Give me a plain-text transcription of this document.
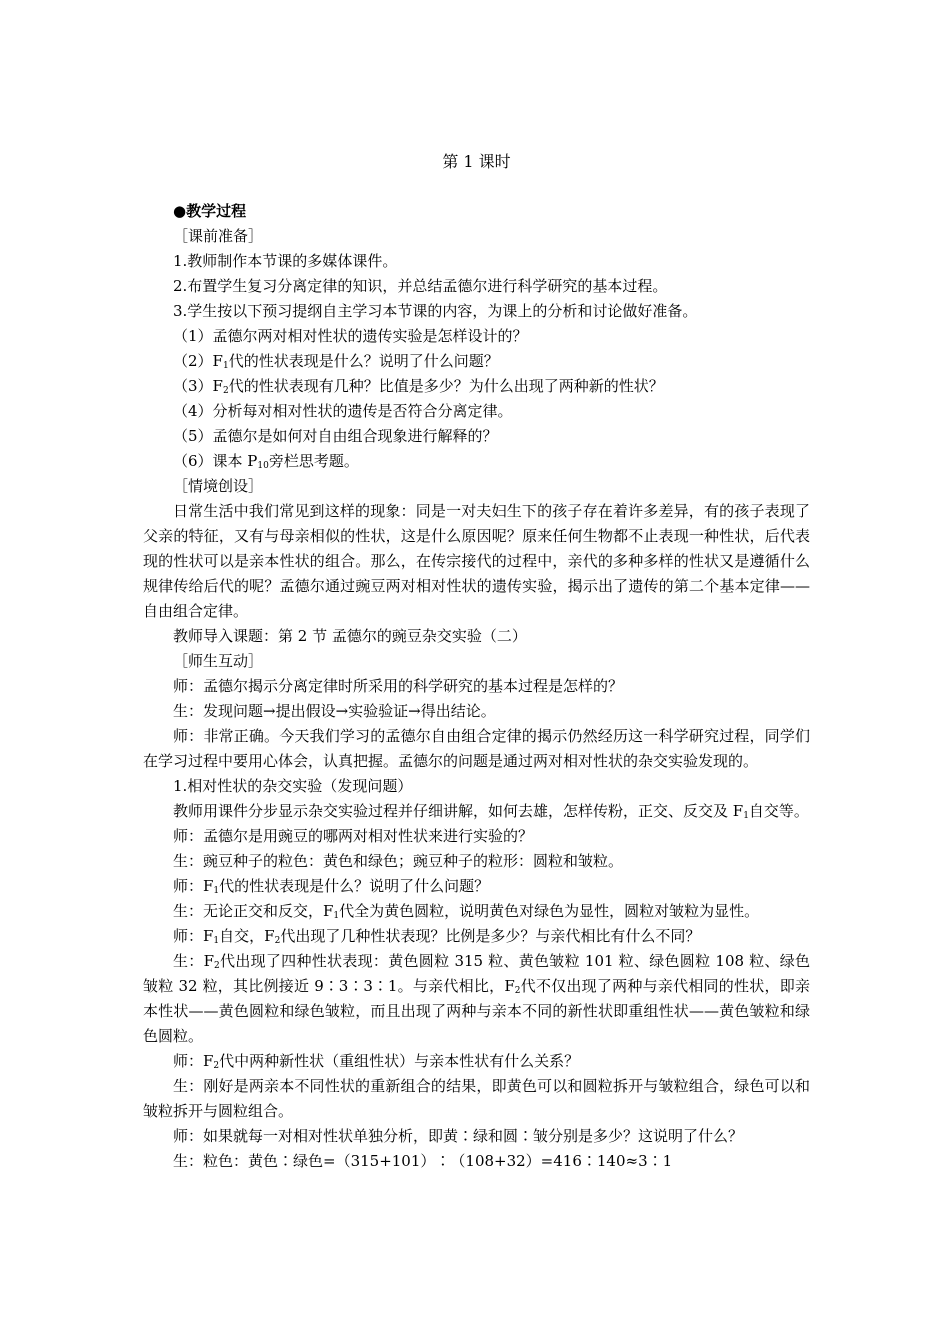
第 1 课时
●教学过程
［课前准备］
1.教师制作本节课的多媒体课件。
2.布置学生复习分离定律的知识，并总结孟德尔进行科学研究的基本过程。
3.学生按以下预习提纲自主学习本节课的内容，为课上的分析和讨论做好准备。
（1）孟德尔两对相对性状的遗传实验是怎样设计的？
$(2)F_1$代的性状表现是什么？说明了什么问题？
$(3)F_2$代的性状表现有几种？比值是多少？为什么出现了两种新的性状？
（4）分析每对相对性状的遗传是否符合分离定律。
（5）孟德尔是如何对自由组合现象进行解释的？
（6）课本 $P_{10}$旁栏思考题。
［情境创设］
日常生活中我们常见到这样的现象：同是一对夫妇生下的孩子存在着许多差异，有的孩子表现了父亲的特征，又有与母亲相似的性状，这是什么原因呢？原来任何生物都不止表现一种性状，后代表现的性状可以是亲本性状的组合。那么，在传宗接代的过程中，亲代的多种多样的性状又是遵循什么规律传给后代的呢？孟德尔通过豌豆两对相对性状的遗传实验，揭示出了遗传的第二个基本定律——自由组合定律。
教师导入课题：第 2 节 孟德尔的豌豆杂交实验（二）
［师生互动］
师：孟德尔揭示分离定律时所采用的科学研究的基本过程是怎样的？
生：发现问题→提出假设→实验验证→得出结论。
师：非常正确。今天我们学习的孟德尔自由组合定律的揭示仍然经历这一科学研究过程，同学们在学习过程中要用心体会，认真把握。孟德尔的问题是通过两对相对性状的杂交实验发现的。
1.相对性状的杂交实验（发现问题）
教师用课件分步显示杂交实验过程并仔细讲解，如何去雄，怎样传粉，正交、反交及 $F_1$自交等。
师：孟德尔是用豌豆的哪两对相对性状来进行实验的？
生：豌豆种子的粒色：黄色和绿色；豌豆种子的粒形：圆粒和皱粒。
师：$F_1$代的性状表现是什么？说明了什么问题？
生：无论正交和反交，$F_1$代全为黄色圆粒，说明黄色对绿色为显性，圆粒对皱粒为显性。
师：$F_1$自交，$F_2$代出现了几种性状表现？比例是多少？与亲代相比有什么不同？
生：$F_2$代出现了四种性状表现：黄色圆粒 315 粒、黄色皱粒 101 粒、绿色圆粒 108 粒、绿色皱粒 32 粒，其比例接近 9∶3∶3∶1。与亲代相比，$F_2$代不仅出现了两种与亲代相同的性状，即亲本性状——黄色圆粒和绿色皱粒，而且出现了两种与亲本不同的新性状即重组性状——黄色皱粒和绿色圆粒。
师：$F_2$代中两种新性状（重组性状）与亲本性状有什么关系？
生：刚好是两亲本不同性状的重新组合的结果，即黄色可以和圆粒拆开与皱粒组合，绿色可以和皱粒拆开与圆粒组合。
师：如果就每一对相对性状单独分析，即黄∶绿和圆∶皱分别是多少？这说明了什么？
生：粒色：黄色∶绿色=（315+101）∶（108+32）=416∶140≈3∶1
